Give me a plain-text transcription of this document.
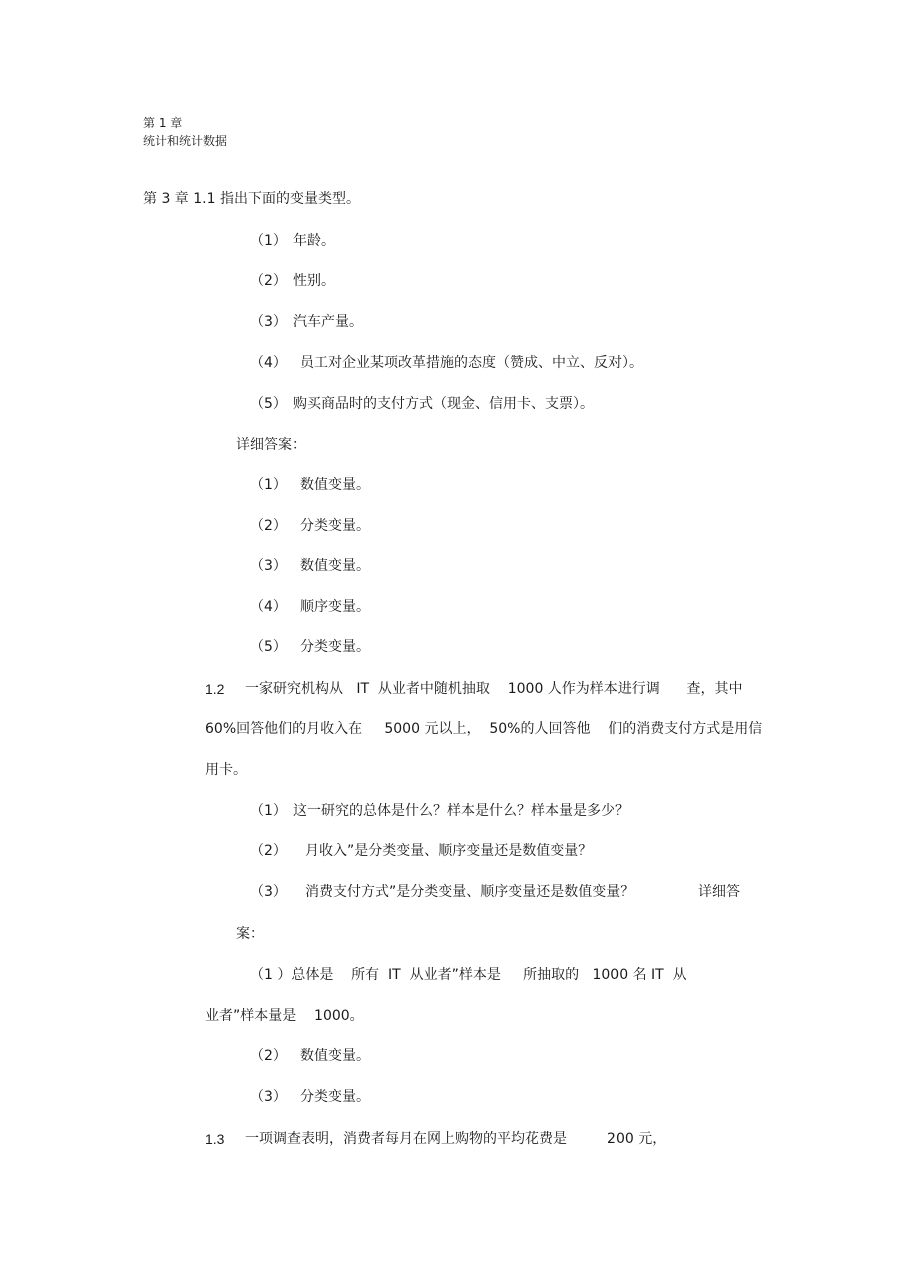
第 1 章
统计和统计数据
第 3 章 1.1 指出下面的变量类型。
（1） 年龄。
（2） 性别。
（3） 汽车产量。
（4） 员工对企业某项改革措施的态度（赞成、中立、反对）。
（5） 购买商品时的支付方式（现金、信用卡、支票）。
详细答案：
（1） 数值变量。
（2） 分类变量。
（3） 数值变量。
（4） 顺序变量。
（5） 分类变量。
1.2 一家研究机构从   IT  从业者中随机抽取    1000 人作为样本进行调      查，其中
60%回答他们的月收入在     5000 元以上，  50%的人回答他    们的消费支付方式是用信
用卡。
（1） 这一研究的总体是什么？样本是什么？样本量是多少？
（2） 月收入”是分类变量、顺序变量还是数值变量？
（3） 消费支付方式”是分类变量、顺序变量还是数值变量？	详细答
案：
（1 ）总体是    所有  IT  从业者”样本是     所抽取的   1000 名 IT  从
业者”样本量是    1000。
（2） 数值变量。
（3） 分类变量。
1.3 一项调查表明，消费者每月在网上购物的平均花费是         200 元，
